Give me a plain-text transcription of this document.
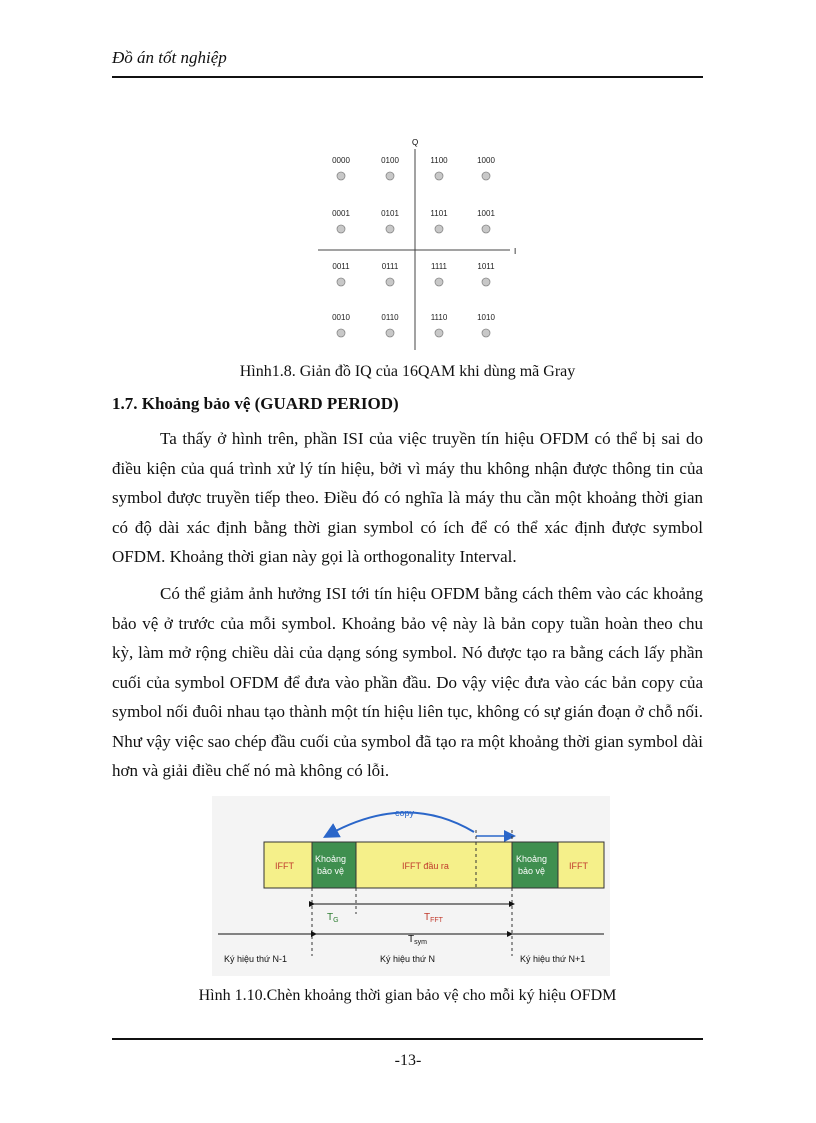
Đồ án tốt nghiệp
Q
I
0000	0100	1100	1000
0001	0101	1101	1001
0011	0111	1111	1011
0010	0110	1110	1010
Hình1.8. Giản đồ IQ của 16QAM khi dùng mã Gray
1.7. Khoảng bảo vệ (GUARD PERIOD)

Ta thấy ở hình trên, phần ISI của việc truyền tín hiệu OFDM có thể bị sai do điều kiện của quá trình xử lý tín hiệu, bởi vì máy thu không nhận được thông tin của symbol được truyền tiếp theo. Điều đó có nghĩa là máy thu cần một khoảng thời gian có độ dài xác định bằng thời gian symbol có ích để có thể xác định được symbol OFDM. Khoảng thời gian này gọi là orthogonality Interval.

Có thể giảm ảnh hưởng ISI tới tín hiệu OFDM bằng cách thêm vào các khoảng bảo vệ ở trước của mỗi symbol. Khoảng bảo vệ này là bản copy tuần hoàn theo chu kỳ, làm mở rộng chiều dài của dạng sóng symbol. Nó được tạo ra bằng cách lấy phần cuối của symbol OFDM để đưa vào phần đầu. Do vậy việc đưa vào các bản copy của symbol nối đuôi nhau tạo thành một tín hiệu liên tục, không có sự gián đoạn ở chỗ nối. Như vậy việc sao chép đầu cuối của symbol đã tạo ra một khoảng thời gian symbol dài hơn và giải điều chế nó mà không có lỗi.

copy
IFFT
Khoảng
bảo vệ	IFFT đầu ra
Khoảng
bảo vệ	IFFT
$T_G$	$T_{FFT}$
$T_{sym}$
Ký hiệu thứ N-1	Ký hiệu thứ N	Ký hiệu thứ N+1
Hình 1.10.Chèn khoảng thời gian bảo vệ cho mỗi ký hiệu OFDM
-13-
